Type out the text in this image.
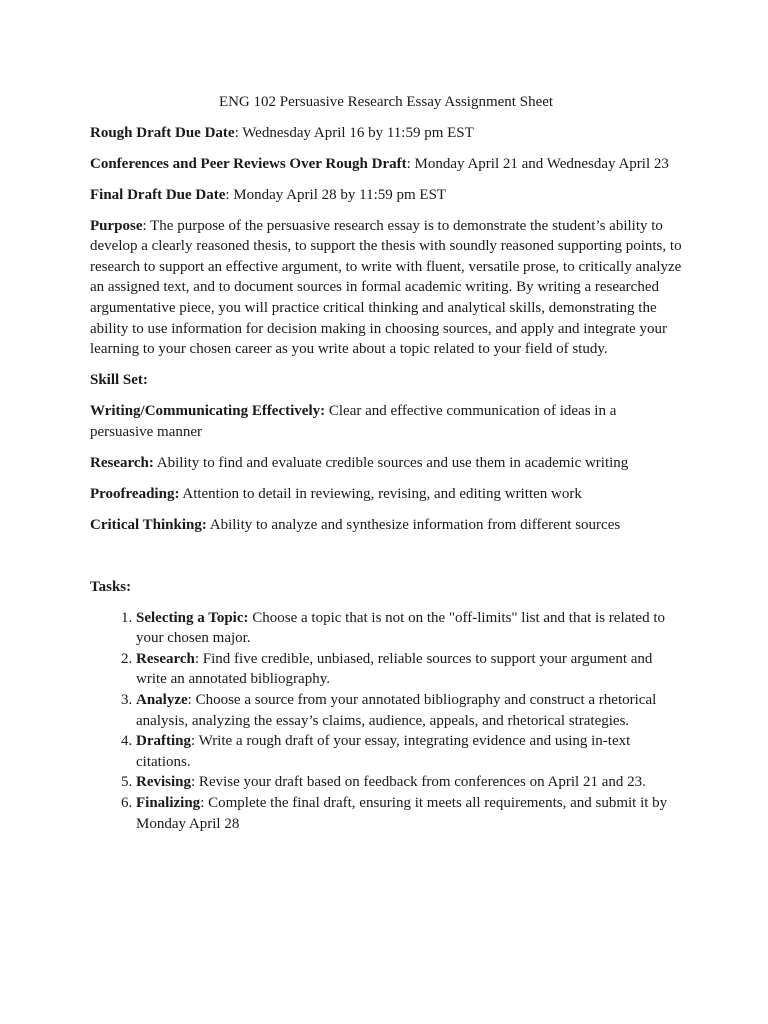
ENG 102 Persuasive Research Essay Assignment Sheet

Rough Draft Due Date: Wednesday April 16 by 11:59 pm EST

Conferences and Peer Reviews Over Rough Draft: Monday April 21 and Wednesday April 23

Final Draft Due Date: Monday April 28 by 11:59 pm EST

Purpose: The purpose of the persuasive research essay is to demonstrate the student’s ability to develop a clearly reasoned thesis, to support the thesis with soundly reasoned supporting points, to research to support an effective argument, to write with fluent, versatile prose, to critically analyze an assigned text, and to document sources in formal academic writing. By writing a researched argumentative piece, you will practice critical thinking and analytical skills, demonstrating the ability to use information for decision making in choosing sources, and apply and integrate your learning to your chosen career as you write about a topic related to your field of study.

Skill Set:

Writing/Communicating Effectively: Clear and effective communication of ideas in a persuasive manner

Research: Ability to find and evaluate credible sources and use them in academic writing

Proofreading: Attention to detail in reviewing, revising, and editing written work

Critical Thinking: Ability to analyze and synthesize information from different sources

Tasks:

1. Selecting a Topic: Choose a topic that is not on the "off-limits" list and that is related to your chosen major.
2. Research: Find five credible, unbiased, reliable sources to support your argument and write an annotated bibliography.
3. Analyze: Choose a source from your annotated bibliography and construct a rhetorical analysis, analyzing the essay’s claims, audience, appeals, and rhetorical strategies.
4. Drafting: Write a rough draft of your essay, integrating evidence and using in-text citations.
5. Revising: Revise your draft based on feedback from conferences on April 21 and 23.
6. Finalizing: Complete the final draft, ensuring it meets all requirements, and submit it by Monday April 28
